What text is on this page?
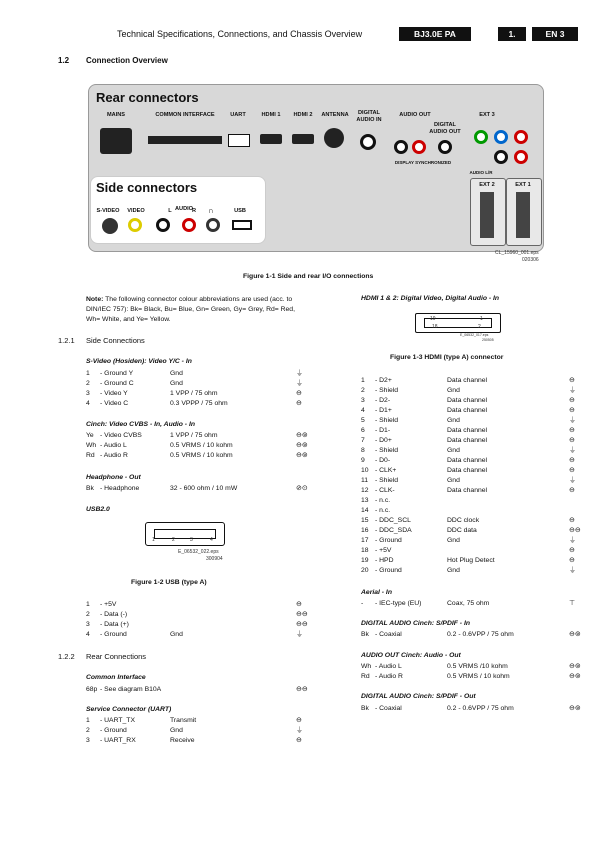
Technical Specifications, Connections, and Chassis Overview	BJ3.0E PA	1.	EN 3
1.2 Connection Overview
Rear connectors
MAINS	COMMON INTERFACE	UART	HDMI 1	HDMI 2	ANTENNA	DIGITAL AUDIO IN
AUDIO OUT
DIGITAL AUDIO OUT
EXT 3
DISPLAY SYNCHRONIZED
AUDIO L/R
EXT 2	EXT 1
Side connectors
S-VIDEO VIDEO	L AUDIO
R	∩	USB
CL_15960_001.eps
020306
Figure 1-1 Side and rear I/O connections
Note: The following connector colour abbreviations are used (acc. to DIN/IEC 757): Bk= Black, Bu= Blue, Gn= Green, Gy= Grey, Rd= Red, Wh= White, and Ye= Yellow.
1.2.1 Side Connections
S-Video (Hosiden): Video Y/C - In
1 - Ground Y	Gnd	⏚
2 - Ground C	Gnd	⏚
3 - Video Y	1 VPP / 75 ohm	⊖
4 - Video C	0.3 VPPP / 75 ohm	⊖
Cinch: Video CVBS - In, Audio - In
Ye - Video CVBS	1 VPP / 75 ohm	⊖⊚
Wh - Audio L	0.5 VRMS / 10 kohm	⊖⊚
Rd - Audio R	0.5 VRMS / 10 kohm	⊖⊚
Headphone - Out
Bk - Headphone	32 - 600 ohm / 10 mW	⊘⊙
USB2.0
1	2	3	4
E_06532_022.eps
300904
Figure 1-2 USB (type A)
1 - +5V	⊖
2 - Data (-)	⊖⊖
3 - Data (+)	⊖⊖
4 - Ground	Gnd	⏚
1.2.2 Rear Connections
Common Interface
68p - See diagram B10A	⊖⊖
Service Connector (UART)
1 - UART_TX	Transmit	⊖
2 - Ground	Gnd	⏚
3 - UART_RX	Receive	⊖
HDMI 1 & 2: Digital Video, Digital Audio - In
19	1
18	2
E_06532_017.eps
250505
Figure 1-3 HDMI (type A) connector
1 - D2+	Data channel	⊖
2 - Shield	Gnd	⏚
3 - D2-	Data channel	⊖
4 - D1+	Data channel	⊖
5 - Shield	Gnd	⏚
6 - D1-	Data channel	⊖
7 - D0+	Data channel	⊖
8 - Shield	Gnd	⏚
9 - D0-	Data channel	⊖
10 - CLK+	Data channel	⊖
11 - Shield	Gnd	⏚
12 - CLK-	Data channel	⊖
13 - n.c.
14 - n.c.
15 - DDC_SCL	DDC clock	⊖
16 - DDC_SDA	DDC data	⊖⊖
17 - Ground	Gnd	⏚
18 - +5V	⊖
19 - HPD	Hot Plug Detect	⊖
20 - Ground	Gnd	⏚
Aerial - In
- - IEC-type (EU)	Coax, 75 ohm	⊤
DIGITAL AUDIO Cinch: S/PDIF - In
Bk - Coaxial	0.2 - 0.6VPP / 75 ohm	⊖⊚
AUDIO OUT Cinch: Audio - Out
Wh - Audio L	0.5 VRMS /10 kohm	⊖⊚
Rd - Audio R	0.5 VRMS / 10 kohm	⊖⊚
DIGITAL AUDIO Cinch: S/PDIF - Out
Bk - Coaxial	0.2 - 0.6VPP / 75 ohm	⊖⊚
